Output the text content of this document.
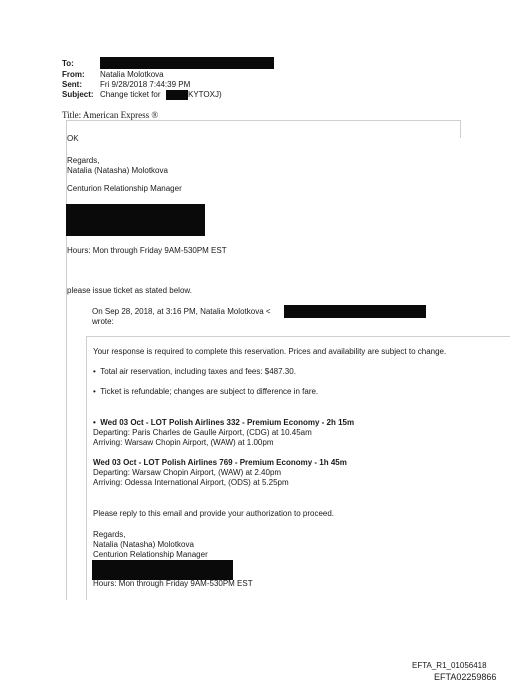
To:
From: Natalia Molotkova
Sent: Fri 9/28/2018 7:44:39 PM
Subject: Change ticket for	KYTOXJ)
Title: American Express ®
OK
Regards,
Natalia (Natasha) Molotkova
Centurion Relationship Manager
Hours: Mon through Friday 9AM-530PM EST
please issue ticket as stated below.
On Sep 28, 2018, at 3:16 PM, Natalia Molotkova <
wrote:
Your response is required to complete this reservation. Prices and availability are subject to change.
•  Total air reservation, including taxes and fees: $487.30.
•  Ticket is refundable; changes are subject to difference in fare.
•  Wed 03 Oct - LOT Polish Airlines 332 - Premium Economy - 2h 15m
Departing: Paris Charles de Gaulle Airport, (CDG) at 10.45am
Arriving: Warsaw Chopin Airport, (WAW) at 1.00pm
Wed 03 Oct - LOT Polish Airlines 769 - Premium Economy - 1h 45m
Departing: Warsaw Chopin Airport, (WAW) at 2.40pm
Arriving: Odessa International Airport, (ODS) at 5.25pm
Please reply to this email and provide your authorization to proceed.
Regards,
Natalia (Natasha) Molotkova
Centurion Relationship Manager
Hours: Mon through Friday 9AM-530PM EST
EFTA_R1_01056418
EFTA02259866
